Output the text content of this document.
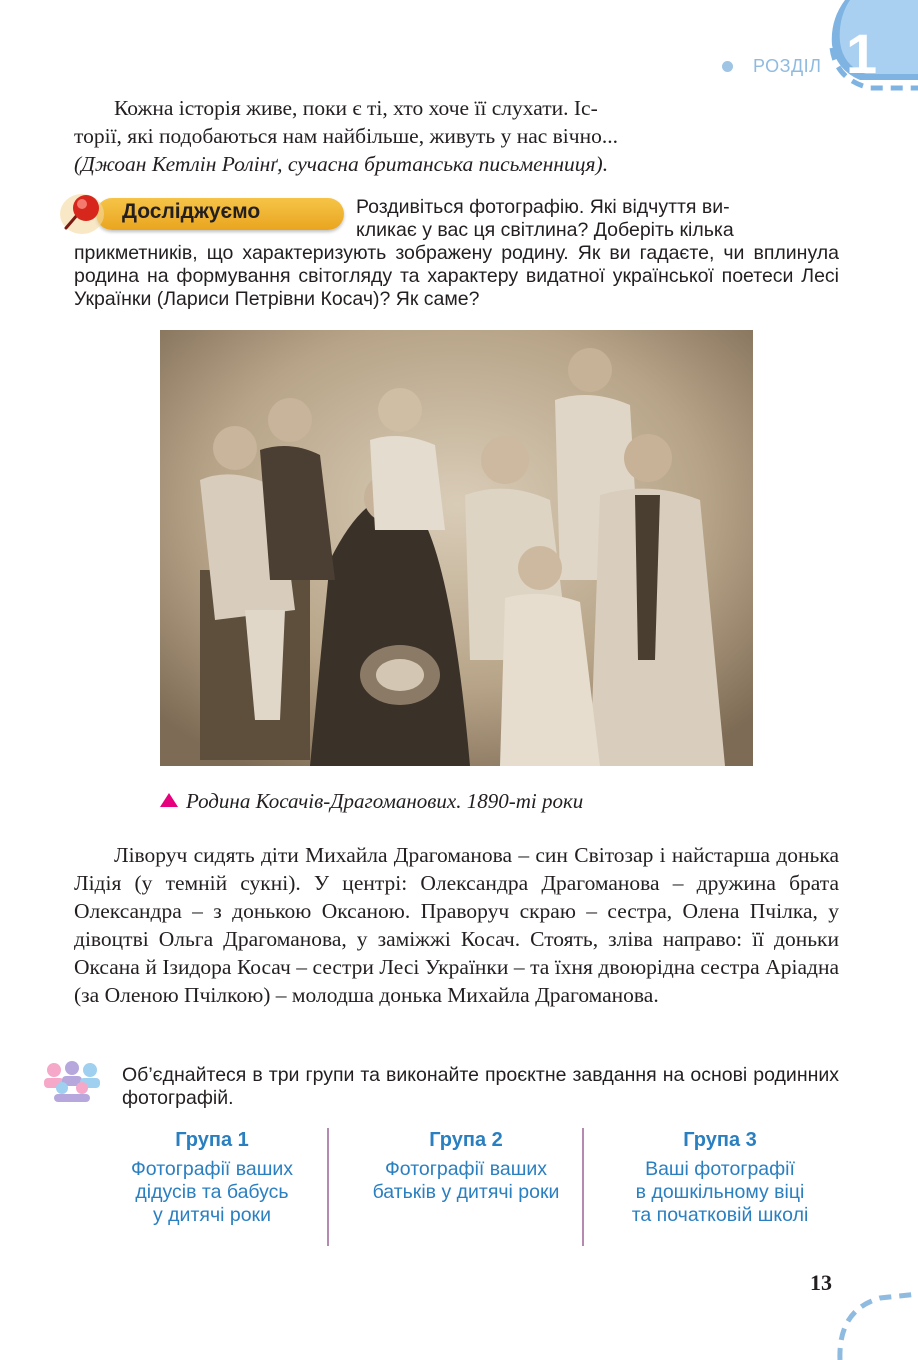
РОЗДІЛ 1
Кожна історія живе, поки є ті, хто хоче її слухати. Іс-
торії, які подобаються нам найбільше, живуть у нас вічно...
(Джоан Кетлін Ролінґ, сучасна британська письменниця).
Досліджуємо	Роздивіться фотографію. Які відчуття ви-
кликає у вас ця світлина? Доберіть кілька
прикметників, що характеризують зображену родину. Як ви гадаєте, чи вплинула родина на формування світогляду та характеру видатної української поетеси Лесі Українки (Лариси Петрівни Косач)? Як саме?
Родина Косачів-Драгоманових. 1890-ті роки
Ліворуч сидять діти Михайла Драгоманова – син Світозар і найстарша донька Лідія (у темній сукні). У центрі: Олександра Драгоманова – дружина брата Олександра – з донькою Оксаною. Праворуч скраю – сестра, Олена Пчілка, у дівоцтві Ольга Драгоманова, у заміжжі Косач. Стоять, зліва направо: її доньки Оксана й Ізидора Косач – сестри Лесі Українки – та їхня двоюрідна сестра Аріадна (за Оленою Пчілкою) – молодша донька Михайла Драгоманова.
Об’єднайтеся в три групи та виконайте проєктне завдання на основі родинних фотографій.
Група 1
Фотографії ваших
дідусів та бабусь
у дитячі роки
Група 2
Фотографії ваших
батьків у дитячі роки
Група 3
Ваші фотографії
в дошкільному віці
та початковій школі
13
